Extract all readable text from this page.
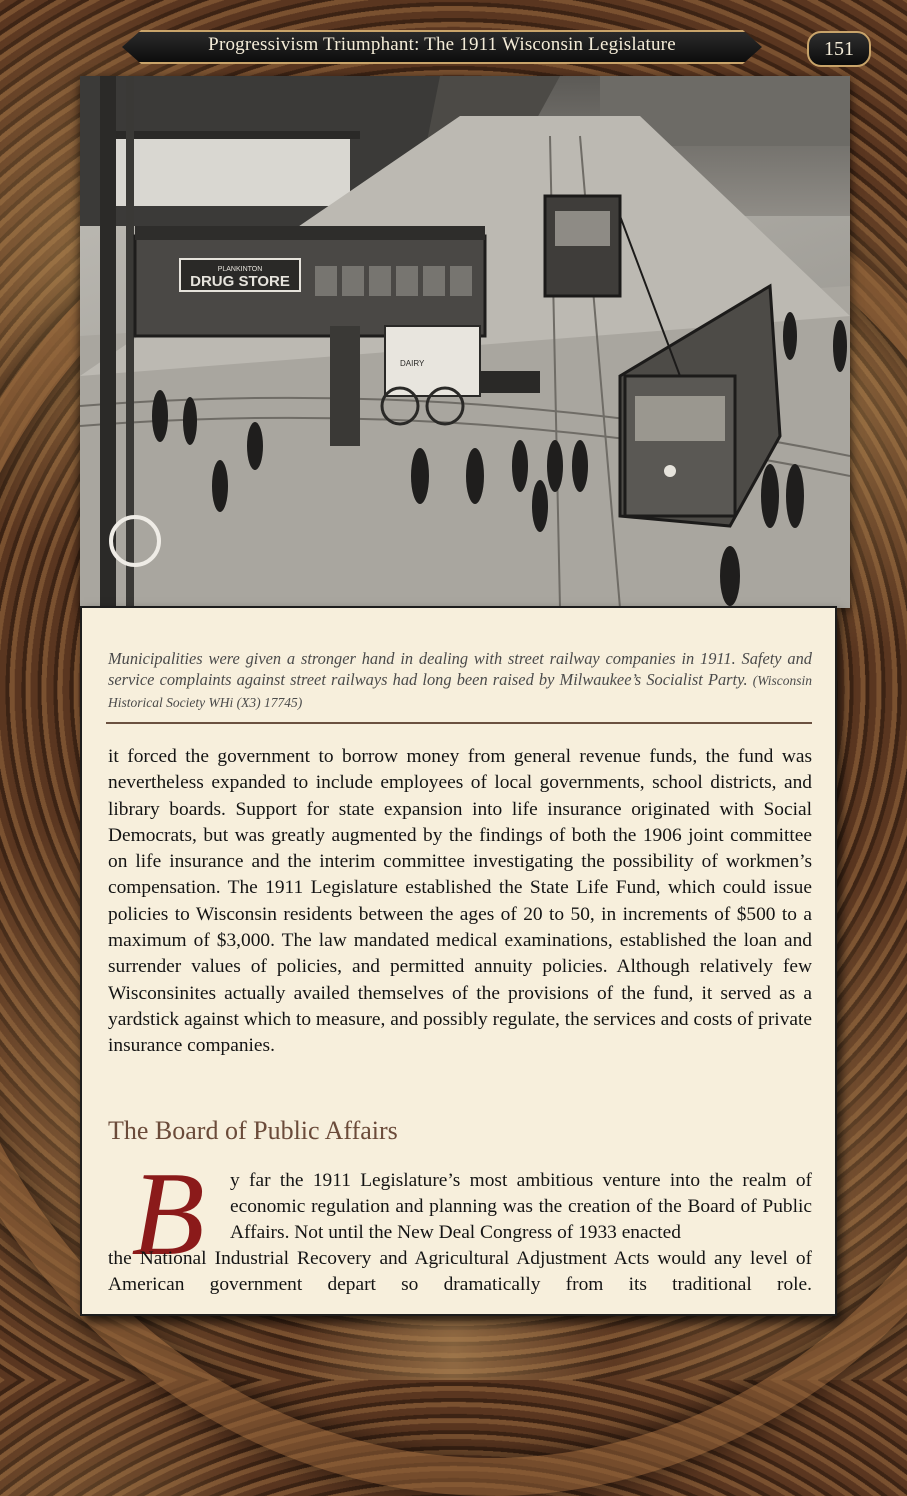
Progressivism Triumphant: The 1911 Wisconsin Legislature	151
PLANKINTON
DRUG STORE
DAIRY

Municipalities were given a stronger hand in dealing with street railway companies in 1911. Safety and service complaints against street railways had long been raised by Milwaukee’s Socialist Party. (Wisconsin Historical Society WHi (X3) 17745)

it forced the government to borrow money from general revenue funds, the fund was nevertheless expanded to include employees of local governments, school districts, and library boards. Support for state expansion into life insurance originated with Social Democrats, but was greatly augmented by the findings of both the 1906 joint committee on life insurance and the interim committee investigating the possibility of workmen’s compensation. The 1911 Legislature established the State Life Fund, which could issue policies to Wisconsin residents between the ages of 20 to 50, in increments of $500 to a maximum of $3,000. The law mandated medical examinations, established the loan and surrender values of policies, and permitted annuity policies. Although relatively few Wisconsinites actually availed themselves of the provisions of the fund, it served as a yardstick against which to measure, and possibly regulate, the services and costs of private insurance companies.

The Board of Public Affairs
B y far the 1911 Legislature’s most ambitious venture into the realm of economic regulation and planning was the creation of the Board of Public Affairs. Not until the New Deal Congress of 1933 enacted

the National Industrial Recovery and Agricultural Adjustment Acts would any level of American government depart so dramatically from its traditional role.
